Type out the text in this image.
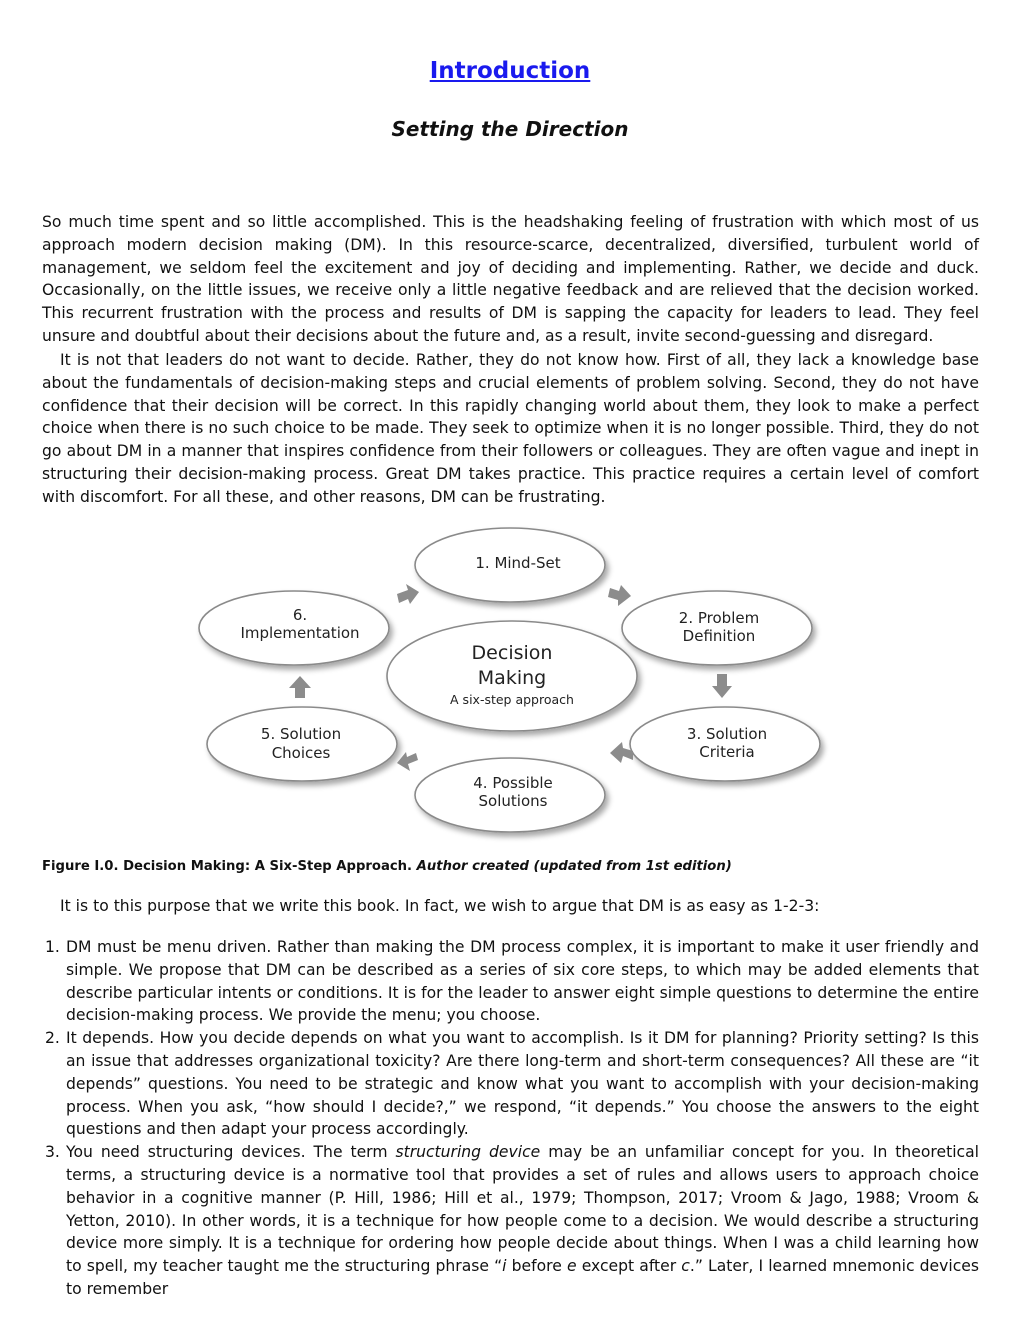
Introduction
Setting the Direction

So much time spent and so little accomplished. This is the headshaking feeling of frustration with which most of us approach modern decision making (DM). In this resource-scarce, decentralized, diversified, turbulent world of management, we seldom feel the excitement and joy of deciding and implementing. Rather, we decide and duck. Occasionally, on the little issues, we receive only a little negative feedback and are relieved that the decision worked. This recurrent frustration with the process and results of DM is sapping the capacity for leaders to lead. They feel unsure and doubtful about their decisions about the future and, as a result, invite second-guessing and disregard.

It is not that leaders do not want to decide. Rather, they do not know how. First of all, they lack a knowledge base about the fundamentals of decision-making steps and crucial elements of problem solving. Second, they do not have confidence that their decision will be correct. In this rapidly changing world about them, they look to make a perfect choice when there is no such choice to be made. They seek to optimize when it is no longer possible. Third, they do not go about DM in a manner that inspires confidence from their followers or colleagues. They are often vague and inept in structuring their decision-making process. Great DM takes practice. This practice requires a certain level of comfort with discomfort. For all these, and other reasons, DM can be frustrating.

Decision
Making
A six-step approach
1. Mind-Set
2. Problem
Definition
3. Solution
Criteria
4. Possible
Solutions
5. Solution
Choices
6.
Implementation
Figure I.0. Decision Making: A Six-Step Approach. Author created (updated from 1st edition)

It is to this purpose that we write this book. In fact, we wish to argue that DM is as easy as 1-2-3:

1. DM must be menu driven. Rather than making the DM process complex, it is important to make it user friendly and simple. We propose that DM can be described as a series of six core steps, to which may be added elements that describe particular intents or conditions. It is for the leader to answer eight simple questions to determine the entire decision-making process. We provide the menu; you choose.
2. It depends. How you decide depends on what you want to accomplish. Is it DM for planning? Priority setting? Is this an issue that addresses organizational toxicity? Are there long-term and short-term consequences? All these are “it depends” questions. You need to be strategic and know what you want to accomplish with your decision-making process. When you ask, “how should I decide?,” we respond, “it depends.” You choose the answers to the eight questions and then adapt your process accordingly.
3. You need structuring devices. The term structuring device may be an unfamiliar concept for you. In theoretical terms, a structuring device is a normative tool that provides a set of rules and allows users to approach choice behavior in a cognitive manner (P. Hill, 1986; Hill et al., 1979; Thompson, 2017; Vroom & Jago, 1988; Vroom & Yetton, 2010). In other words, it is a technique for how people come to a decision. We would describe a structuring device more simply. It is a technique for ordering how people decide about things. When I was a child learning how to spell, my teacher taught me the structuring phrase “i before e except after c.” Later, I learned mnemonic devices to remember
